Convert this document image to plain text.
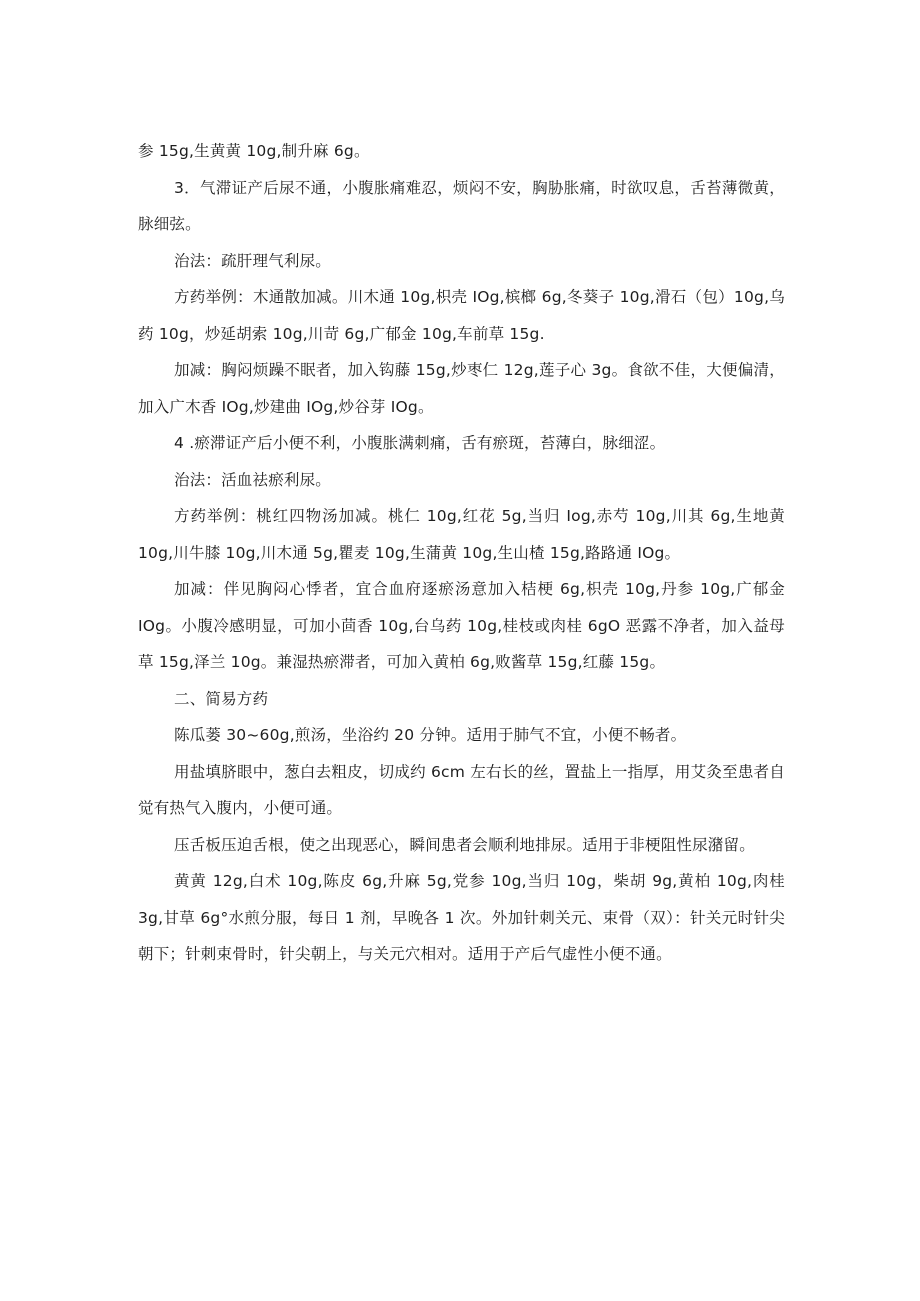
参 15g,生黄黄 10g,制升麻 6g。

3．气滞证产后尿不通，小腹胀痛难忍，烦闷不安，胸胁胀痛，时欲叹息，舌苔薄微黄，脉细弦。

治法：疏肝理气利尿。

方药举例：木通散加减。川木通 10g,枳壳 IOg,槟榔 6g,冬葵子 10g,滑石（包）10g,乌药 10g，炒延胡索 10g,川苛 6g,广郁金 10g,车前草 15g.

加减：胸闷烦躁不眠者，加入钩藤 15g,炒枣仁 12g,莲子心 3g。食欲不佳，大便偏清，加入广木香 IOg,炒建曲 IOg,炒谷芽 IOg。

4 .瘀滞证产后小便不利，小腹胀满刺痛，舌有瘀斑，苔薄白，脉细涩。

治法：活血祛瘀利尿。

方药举例：桃红四物汤加减。桃仁 10g,红花 5g,当归 Iog,赤芍 10g,川其 6g,生地黄 10g,川牛膝 10g,川木通 5g,瞿麦 10g,生蒲黄 10g,生山楂 15g,路路通 IOg。

加减：伴见胸闷心悸者，宜合血府逐瘀汤意加入桔梗 6g,枳壳 10g,丹参 10g,广郁金 IOg。小腹冷感明显，可加小茴香 10g,台乌药 10g,桂枝或肉桂 6gO 恶露不净者，加入益母草 15g,泽兰 10g。兼湿热瘀滞者，可加入黄柏 6g,败酱草 15g,红藤 15g。

二、简易方药

陈瓜蒌 30~60g,煎汤，坐浴约 20 分钟。适用于肺气不宜，小便不畅者。

用盐填脐眼中，葱白去粗皮，切成约 6cm 左右长的丝，置盐上一指厚，用艾灸至患者自觉有热气入腹内，小便可通。

压舌板压迫舌根，使之出现恶心，瞬间患者会顺利地排尿。适用于非梗阻性尿潴留。

黄黄 12g,白术 10g,陈皮 6g,升麻 5g,党参 10g,当归 10g，柴胡 9g,黄柏 10g,肉桂 3g,甘草 6g°水煎分服，每日 1 剂，早晚各 1 次。外加针刺关元、束骨（双）：针关元时针尖朝下；针刺束骨时，针尖朝上，与关元穴相对。适用于产后气虚性小便不通。
